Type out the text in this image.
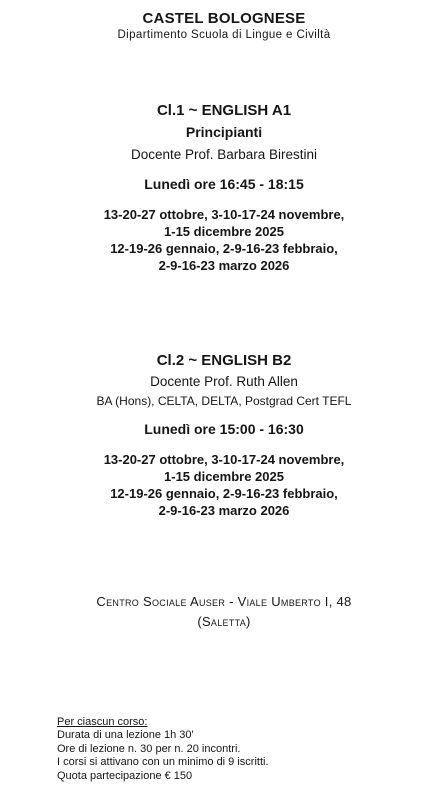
CASTEL BOLOGNESE
Dipartimento Scuola di Lingue e Civiltà
Cl.1 ~ ENGLISH A1
Principianti
Docente Prof. Barbara Birestini
Lunedì ore 16:45 - 18:15
13-20-27 ottobre, 3-10-17-24 novembre,
1-15 dicembre 2025
12-19-26 gennaio, 2-9-16-23 febbraio,
2-9-16-23 marzo 2026
Cl.2 ~ ENGLISH B2
Docente Prof. Ruth Allen
BA (Hons), CELTA, DELTA, Postgrad Cert TEFL
Lunedì ore 15:00 - 16:30
13-20-27 ottobre, 3-10-17-24 novembre,
1-15 dicembre 2025
12-19-26 gennaio, 2-9-16-23 febbraio,
2-9-16-23 marzo 2026
Centro Sociale Auser - Viale Umberto I, 48
(Saletta)
Per ciascun corso:
Durata di una lezione 1h 30'
Ore di lezione n. 30 per n. 20 incontri.
I corsi si attivano con un minimo di 9 iscritti.
Quota partecipazione € 150
